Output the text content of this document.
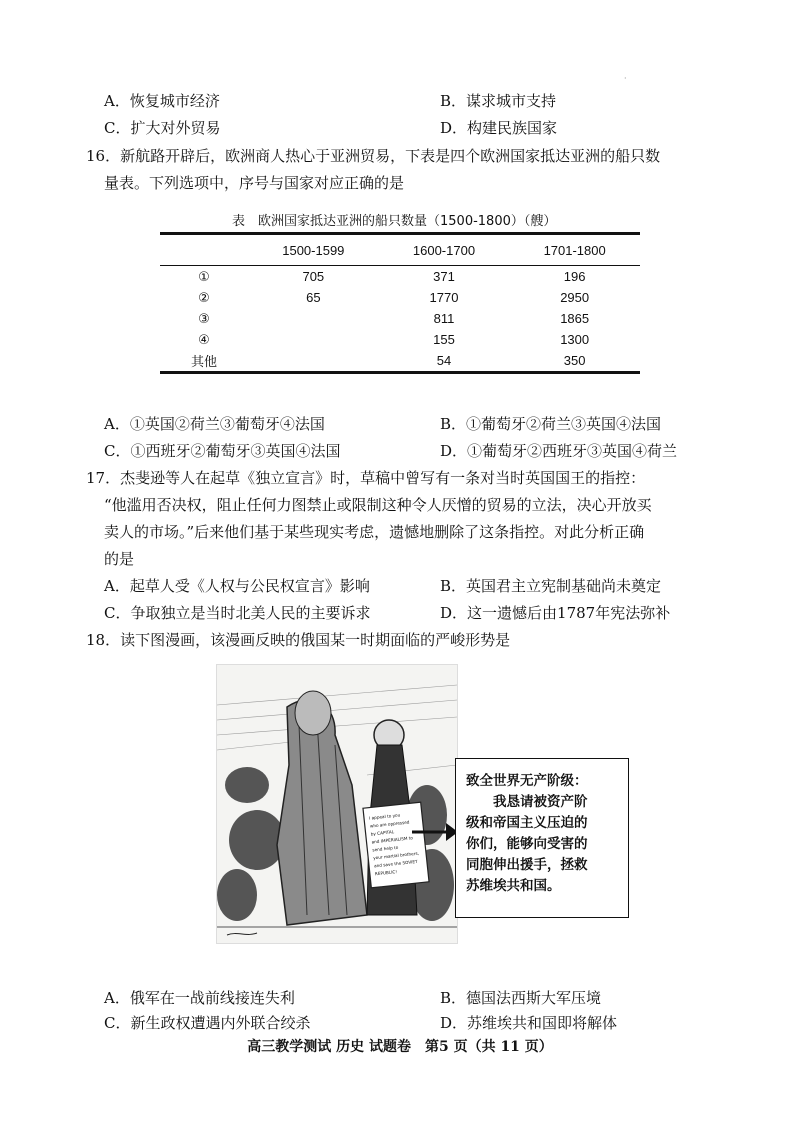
·
A．恢复城市经济	B．谋求城市支持
C．扩大对外贸易	D．构建民族国家
16．新航路开辟后，欧洲商人热心于亚洲贸易，下表是四个欧洲国家抵达亚洲的船只数
量表。下列选项中，序号与国家对应正确的是
表　欧洲国家抵达亚洲的船只数量（1500-1800）（艘）
	1500-1599	1600-1700	1701-1800
①	705	371	196
②	65	1770	2950
③		811	1865
④		155	1300
其他		54	350
A．①英国②荷兰③葡萄牙④法国	B．①葡萄牙②荷兰③英国④法国
C．①西班牙②葡萄牙③英国④法国	D．①葡萄牙②西班牙③英国④荷兰
17．杰斐逊等人在起草《独立宣言》时，草稿中曾写有一条对当时英国国王的指控：
“他滥用否决权，阻止任何力图禁止或限制这种令人厌憎的贸易的立法，决心开放买
卖人的市场。”后来他们基于某些现实考虑，遗憾地删除了这条指控。对此分析正确
的是
A．起草人受《人权与公民权宣言》影响	B．英国君主立宪制基础尚未奠定
C．争取独立是当时北美人民的主要诉求	D．这一遗憾后由1787年宪法弥补
18．读下图漫画，该漫画反映的俄国某一时期面临的严峻形势是
I appeal to you
who are oppressed
by CAPITAL
and IMPERIALISM to
send help to
your martial brothers,
and save the SOVIET
REPUBLIC!
致全世界无产阶级：
　　我恳请被资产阶
级和帝国主义压迫的
你们，能够向受害的
同胞伸出援手，拯救
苏维埃共和国。
A．俄军在一战前线接连失利	B．德国法西斯大军压境
C．新生政权遭遇内外联合绞杀	D．苏维埃共和国即将解体
高三教学测试 历史 试题卷　第5 页（共 11 页）
